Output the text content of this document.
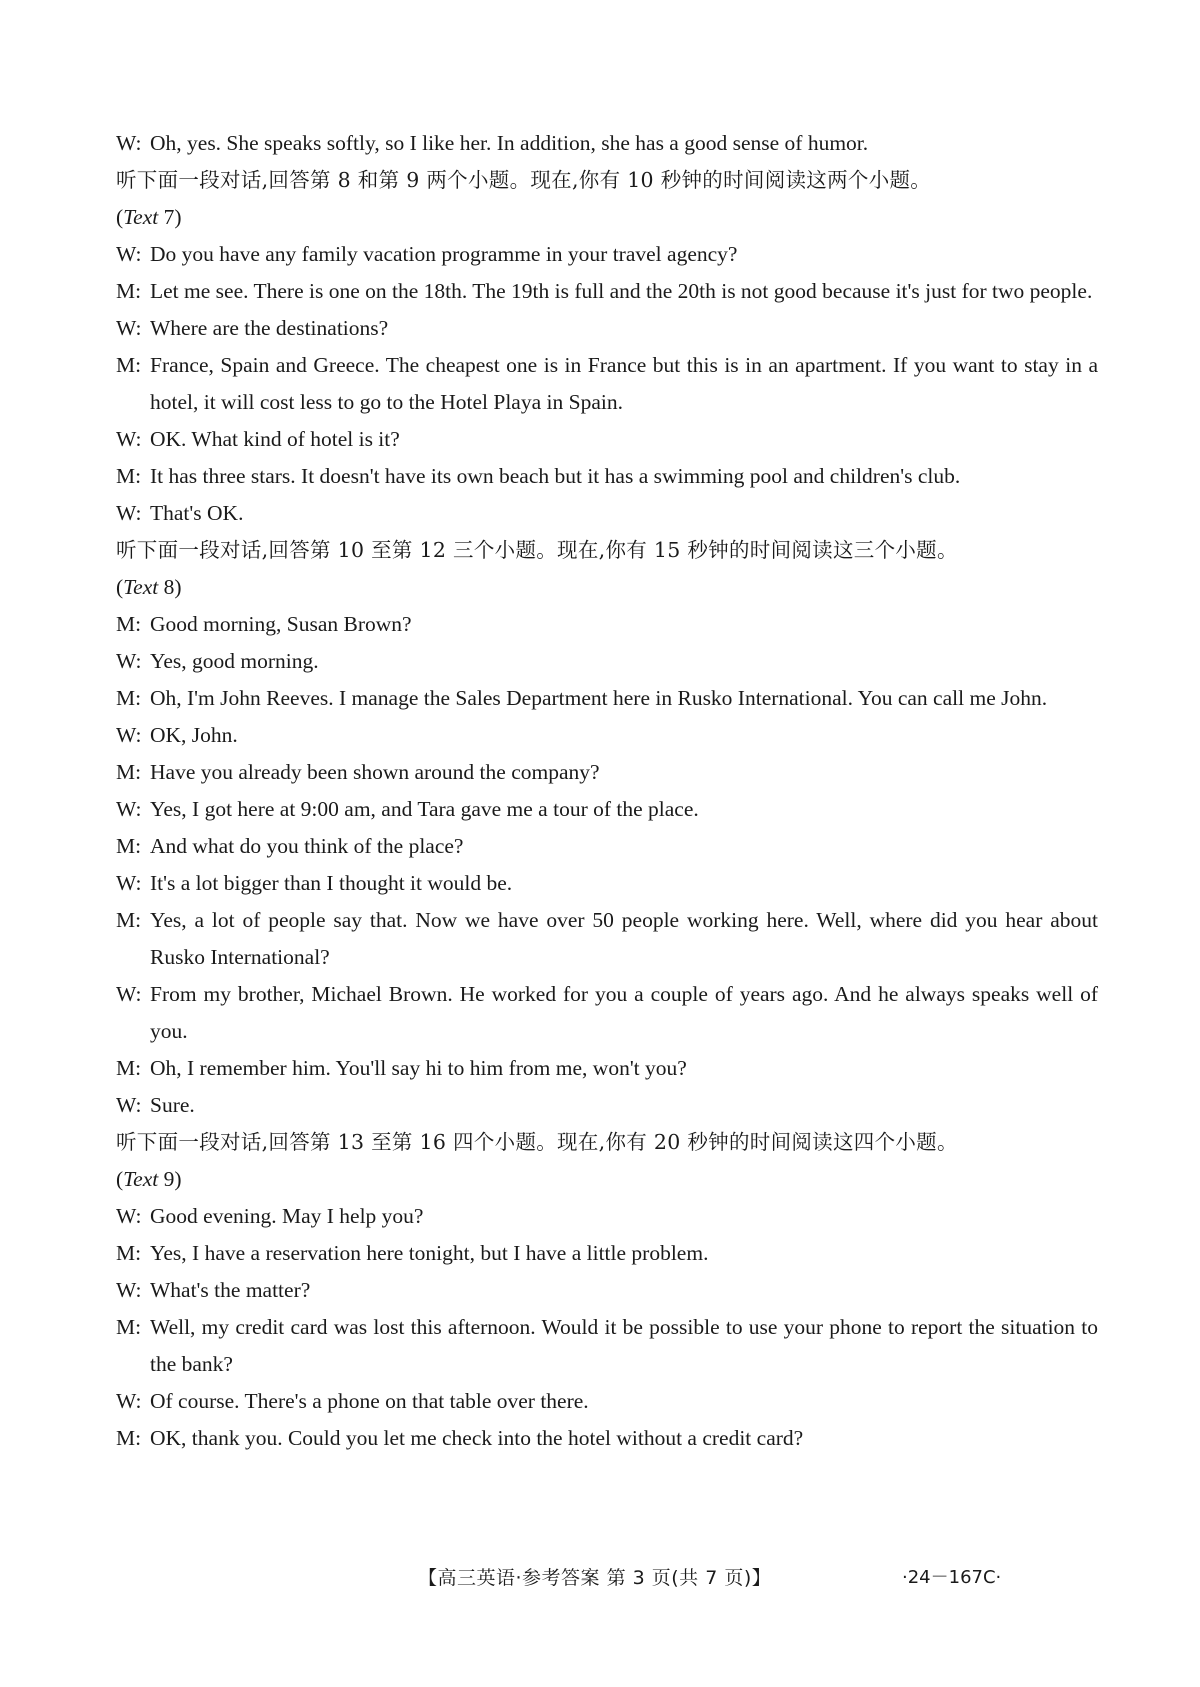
W: Oh, yes. She speaks softly, so I like her. In addition, she has a good sense of humor.
听下面一段对话,回答第 8 和第 9 两个小题。现在,你有 10 秒钟的时间阅读这两个小题。
(Text 7)
W: Do you have any family vacation programme in your travel agency?
M: Let me see. There is one on the 18th. The 19th is full and the 20th is not good because it's just for two people.
W: Where are the destinations?
M: France, Spain and Greece. The cheapest one is in France but this is in an apartment. If you want to stay in a hotel, it will cost less to go to the Hotel Playa in Spain.
W: OK. What kind of hotel is it?
M: It has three stars. It doesn't have its own beach but it has a swimming pool and children's club.
W: That's OK.
听下面一段对话,回答第 10 至第 12 三个小题。现在,你有 15 秒钟的时间阅读这三个小题。
(Text 8)
M: Good morning, Susan Brown?
W: Yes, good morning.
M: Oh, I'm John Reeves. I manage the Sales Department here in Rusko International. You can call me John.
W: OK, John.
M: Have you already been shown around the company?
W: Yes, I got here at 9:00 am, and Tara gave me a tour of the place.
M: And what do you think of the place?
W: It's a lot bigger than I thought it would be.
M: Yes, a lot of people say that. Now we have over 50 people working here. Well, where did you hear about Rusko International?
W: From my brother, Michael Brown. He worked for you a couple of years ago. And he always speaks well of you.
M: Oh, I remember him. You'll say hi to him from me, won't you?
W: Sure.
听下面一段对话,回答第 13 至第 16 四个小题。现在,你有 20 秒钟的时间阅读这四个小题。
(Text 9)
W: Good evening. May I help you?
M: Yes, I have a reservation here tonight, but I have a little problem.
W: What's the matter?
M: Well, my credit card was lost this afternoon. Would it be possible to use your phone to report the situation to the bank?
W: Of course. There's a phone on that table over there.
M: OK, thank you. Could you let me check into the hotel without a credit card?
【高三英语·参考答案 第 3 页(共 7 页)】	·24－167C·
